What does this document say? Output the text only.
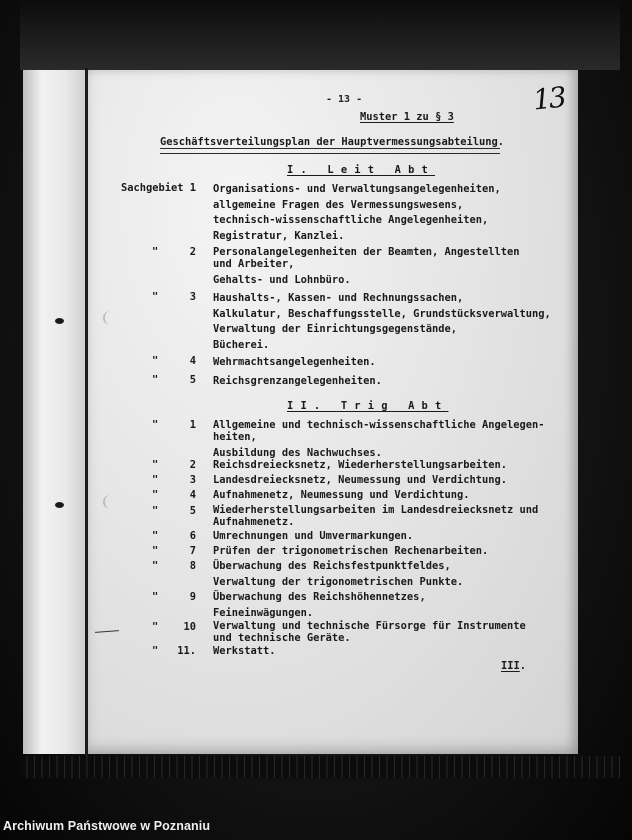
- 13 -	13
Muster 1 zu § 3
Geschäftsverteilungsplan der Hauptvermessungsabteilung.
I. Leit Abt
Sachgebiet 1 Organisations- und Verwaltungsangelegenheiten,
allgemeine Fragen des Vermessungswesens,
technisch-wissenschaftliche Angelegenheiten,
Registratur, Kanzlei.
"	2 Personalangelegenheiten der Beamten, Angestellten
und Arbeiter,
Gehalts- und Lohnbüro.
"	3 Haushalts-, Kassen- und Rechnungssachen,
Kalkulatur, Beschaffungsstelle, Grundstücksverwaltung,
Verwaltung der Einrichtungsgegenstände,
Bücherei.
"	4 Wehrmachtsangelegenheiten.
"	5 Reichsgrenzangelegenheiten.
II. Trig Abt
"	1 Allgemeine und technisch-wissenschaftliche Angelegen-
heiten,
Ausbildung des Nachwuchses.
"	2 Reichsdreiecksnetz, Wiederherstellungsarbeiten.
"	3 Landesdreiecksnetz, Neumessung und Verdichtung.
"	4 Aufnahmenetz, Neumessung und Verdichtung.
"	5 Wiederherstellungsarbeiten im Landesdreiecksnetz und
Aufnahmenetz.
"	6 Umrechnungen und Umvermarkungen.
"	7 Prüfen der trigonometrischen Rechenarbeiten.
"	8 Überwachung des Reichsfestpunktfeldes,
Verwaltung der trigonometrischen Punkte.
"	9 Überwachung des Reichshöhennetzes,
Feineinwägungen.
"	10 Verwaltung und technische Fürsorge für Instrumente
und technische Geräte.
"	11. Werkstatt.
III.
Archiwum Państwowe w Poznaniu
